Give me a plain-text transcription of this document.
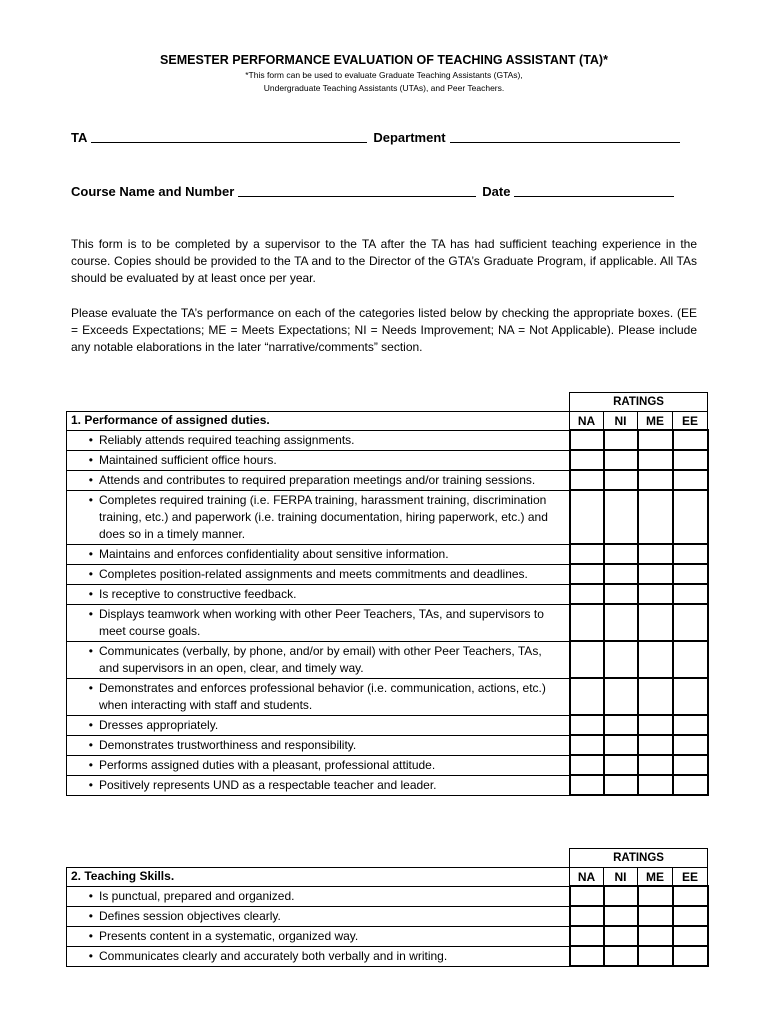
SEMESTER PERFORMANCE EVALUATION OF TEACHING ASSISTANT (TA)*
*This form can be used to evaluate Graduate Teaching Assistants (GTAs),
Undergraduate Teaching Assistants (UTAs), and Peer Teachers.
TA	Department
Course Name and Number	Date
This form is to be completed by a supervisor to the TA after the TA has had sufficient teaching experience in the course. Copies should be provided to the TA and to the Director of the GTA’s Graduate Program, if applicable. All TAs should be evaluated by at least once per year.
Please evaluate the TA’s performance on each of the categories listed below by checking the appropriate boxes. (EE = Exceeds Expectations; ME = Meets Expectations; NI = Needs Improvement; NA = Not Applicable). Please include any notable elaborations in the later “narrative/comments” section.
	RATINGS			
1. Performance of assigned duties.	NA	NI	ME	EE
• Reliably attends required teaching assignments.	

• Maintained sufficient office hours.	

• Attends and contributes to required preparation meetings and/or training sessions.	

• Completes required training (i.e. FERPA training, harassment training, discrimination training, etc.) and paperwork (i.e. training documentation, hiring paperwork, etc.) and does so in a timely manner.	

• Maintains and enforces confidentiality about sensitive information.	

• Completes position-related assignments and meets commitments and deadlines.	

• Is receptive to constructive feedback.	

• Displays teamwork when working with other Peer Teachers, TAs, and supervisors to meet course goals.	

• Communicates (verbally, by phone, and/or by email) with other Peer Teachers, TAs, and supervisors in an open, clear, and timely way.	

• Demonstrates and enforces professional behavior (i.e. communication, actions, etc.) when interacting with staff and students.	

• Dresses appropriately.	

• Demonstrates trustworthiness and responsibility.	

• Performs assigned duties with a pleasant, professional attitude.	

• Positively represents UND as a respectable teacher and leader.	

	RATINGS			
2. Teaching Skills.	NA	NI	ME	EE
• Is punctual, prepared and organized.	

• Defines session objectives clearly.	

• Presents content in a systematic, organized way.	

• Communicates clearly and accurately both verbally and in writing.	
